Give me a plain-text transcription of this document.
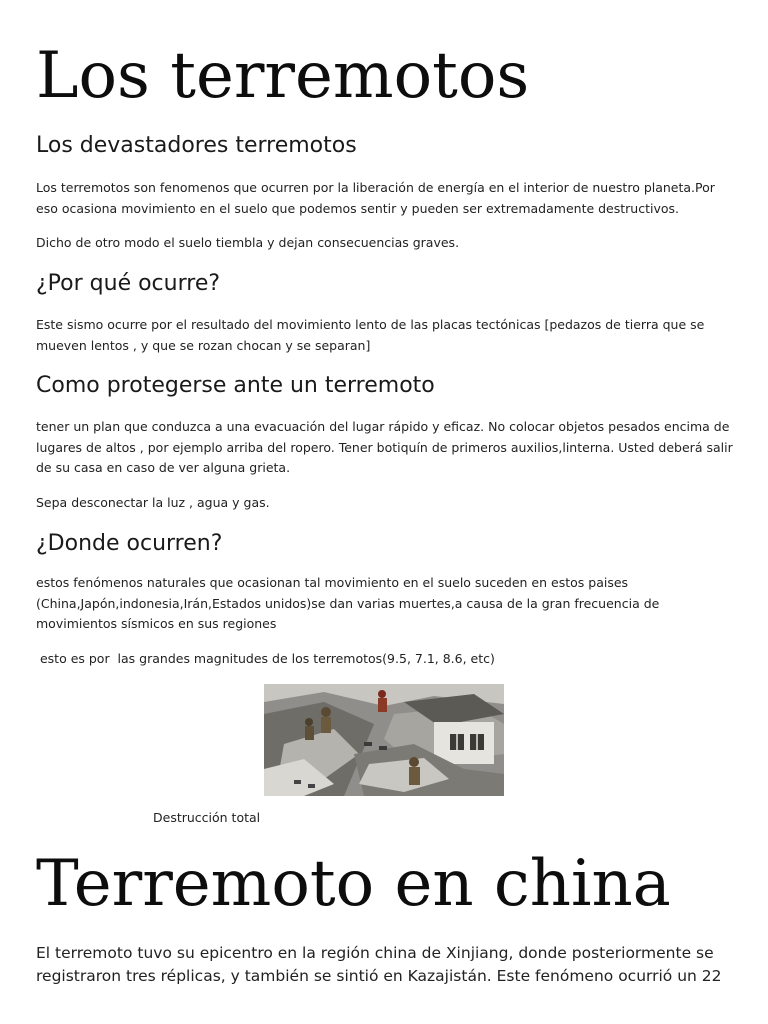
Los terremotos
Los devastadores terremotos

Los terremotos son fenomenos que ocurren por la liberación de energía en el interior de nuestro planeta.Por eso ocasiona movimiento en el suelo que podemos sentir y pueden ser extremadamente destructivos.

Dicho de otro modo el suelo tiembla y dejan consecuencias graves.

¿Por qué ocurre?

Este sismo ocurre por el resultado del movimiento lento de las placas tectónicas [pedazos de tierra que se mueven lentos , y que se rozan chocan y se separan]

Como protegerse ante un terremoto

tener un plan que conduzca a una evacuación del lugar rápido y eficaz. No colocar objetos pesados encima de lugares de altos , por ejemplo arriba del ropero. Tener botiquín de primeros auxilios,linterna. Usted deberá salir de su casa en caso de ver alguna grieta.

Sepa desconectar la luz , agua y gas.

¿Donde ocurren?

estos fenómenos naturales que ocasionan tal movimiento en el suelo suceden en estos paises (China,Japón,indonesia,Irán,Estados unidos)se dan varias muertes,a causa de la gran frecuencia de movimientos sísmicos en sus regiones

esto es por  las grandes magnitudes de los terremotos(9.5, 7.1, 8.6, etc)

Destrucción total

Terremoto en china

El terremoto tuvo su epicentro en la región china de Xinjiang, donde posteriormente se registraron tres réplicas, y también se sintió en Kazajistán. Este fenómeno ocurrió un 22
